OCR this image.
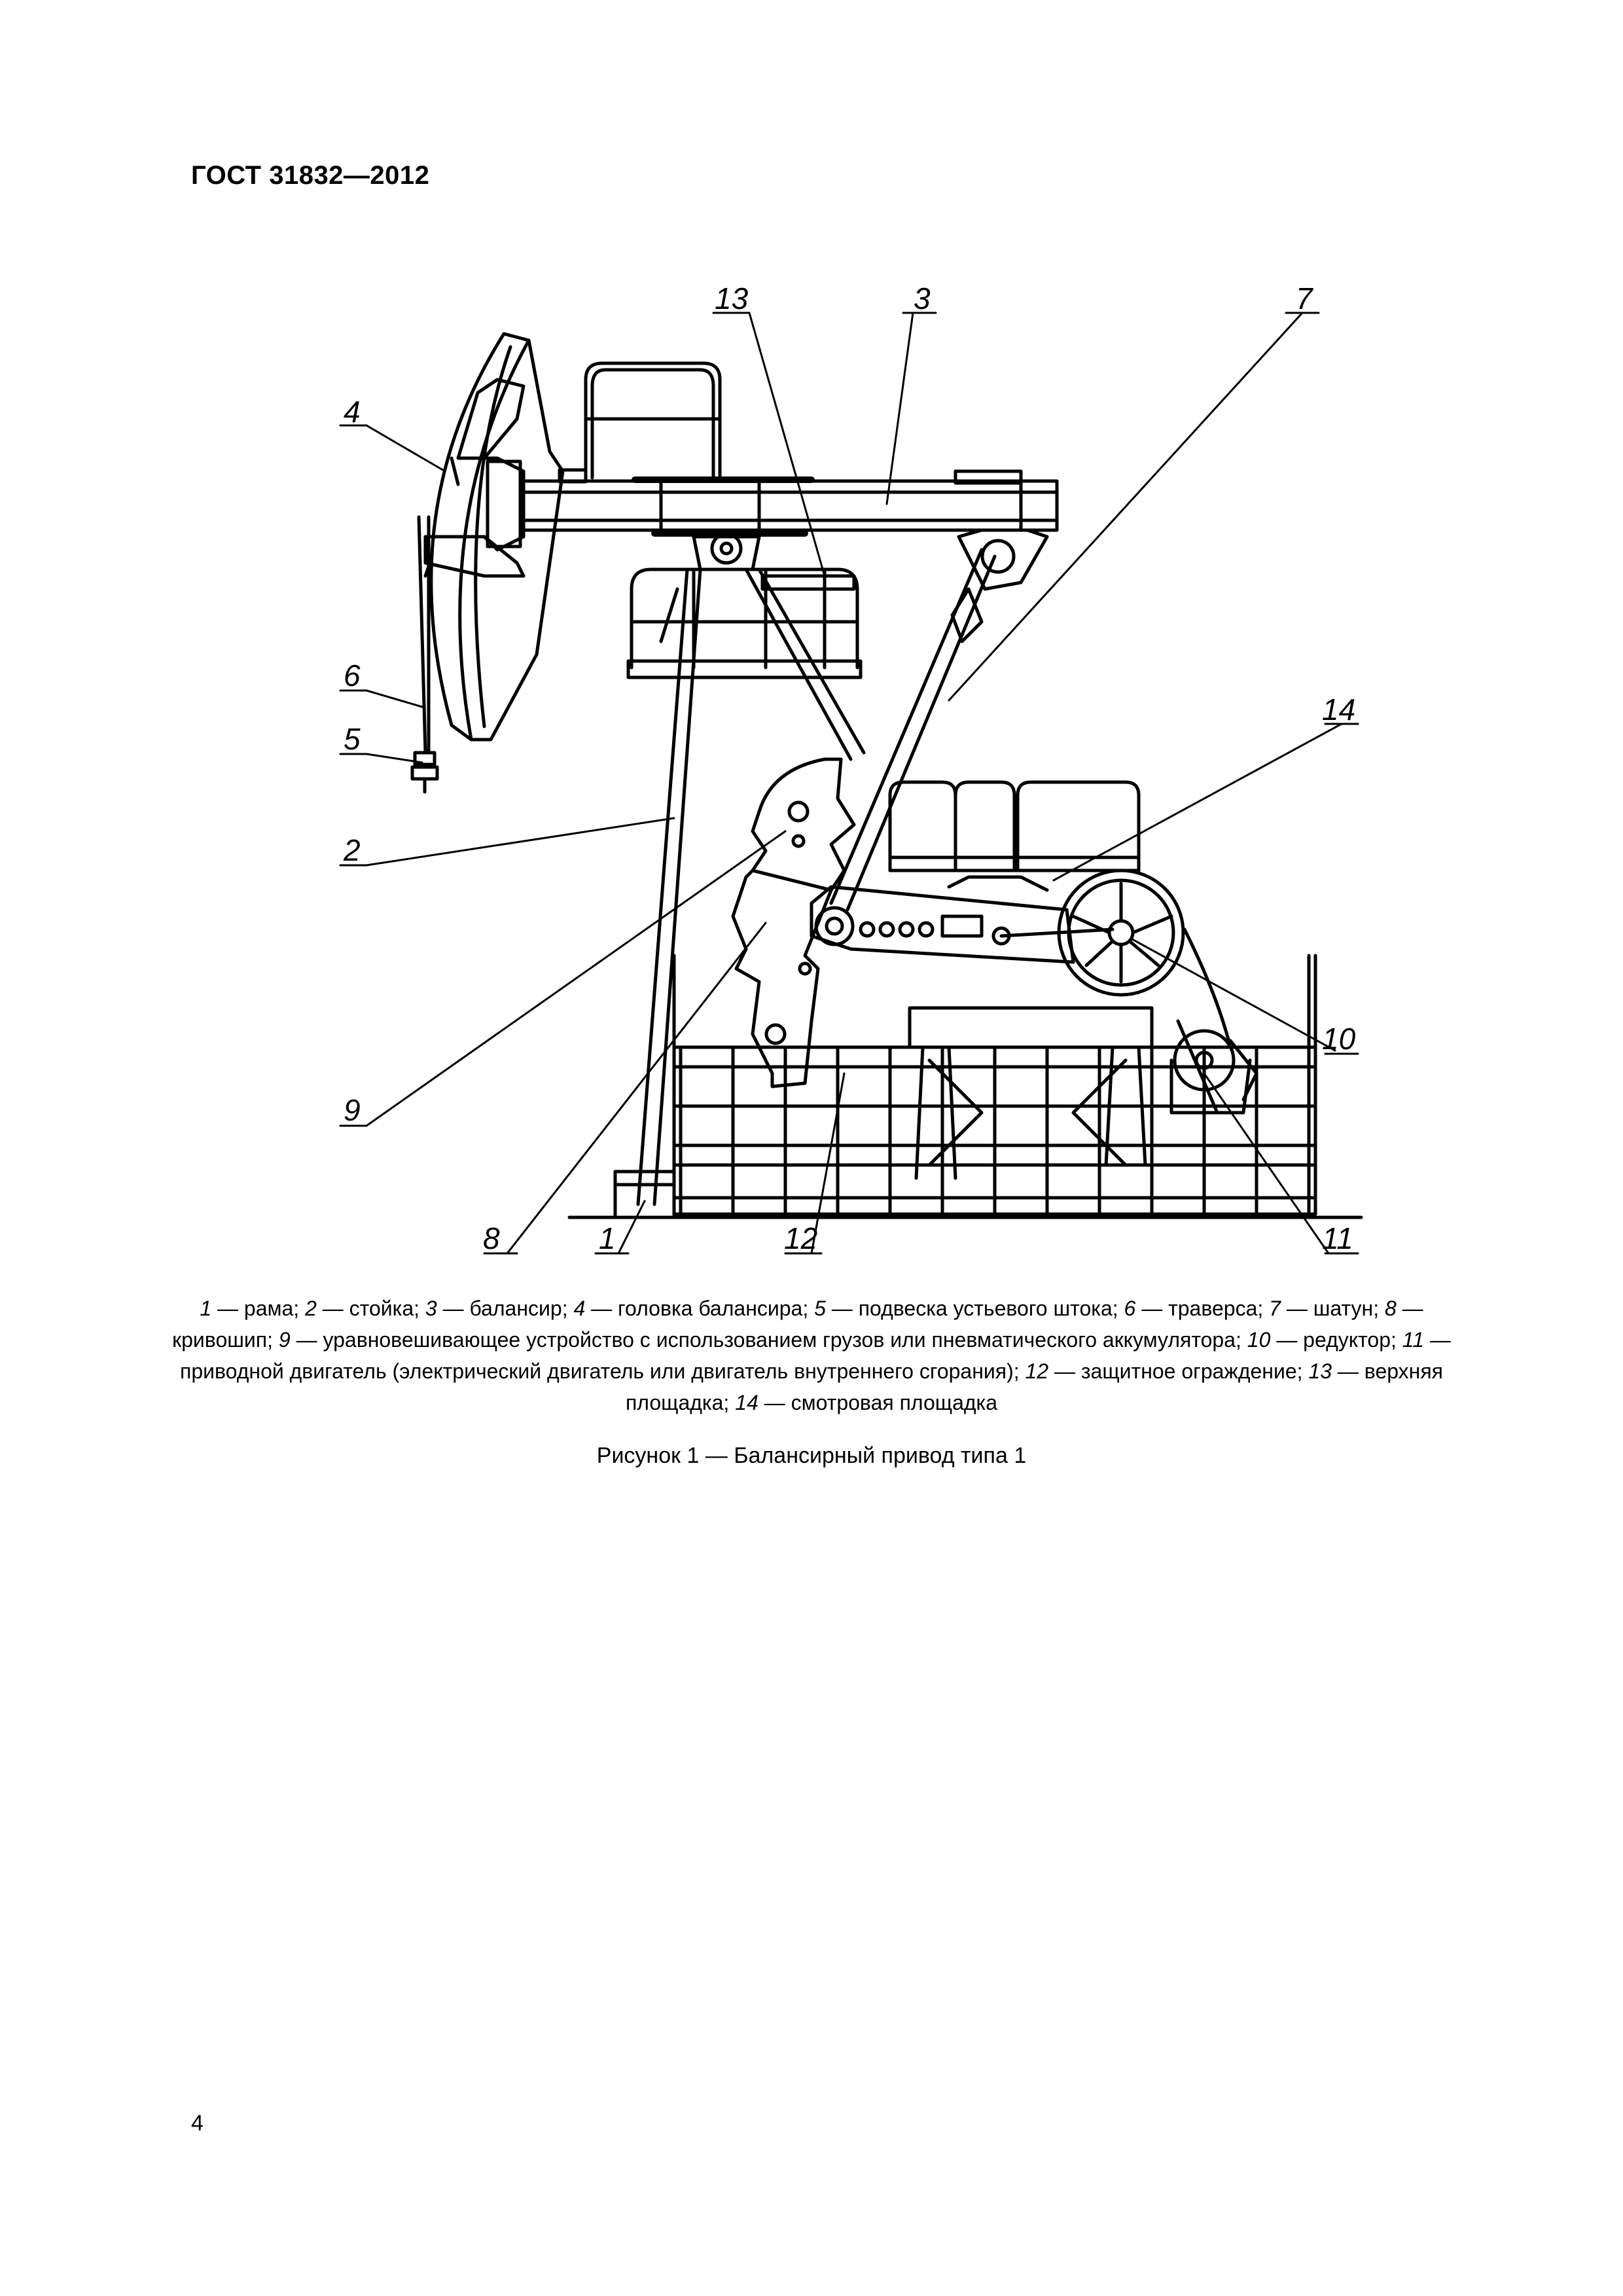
ГОСТ 31832—2012
13	3	7
4
6
5
2
14
9
10
8	1	12	11
1 — рама; 2 — стойка; 3 — балансир; 4 — головка балансира; 5 — подвеска устьевого штока; 6 — траверса; 7 — шатун; 8 — кривошип; 9 — уравновешивающее устройство с использованием грузов или пневматического аккумулятора; 10 — редуктор; 11 — приводной двигатель (электрический двигатель или двигатель внутреннего сгорания); 12 — защитное ограждение; 13 — верхняя площадка; 14 — смотровая площадка
Рисунок 1 — Балансирный привод типа 1
4
